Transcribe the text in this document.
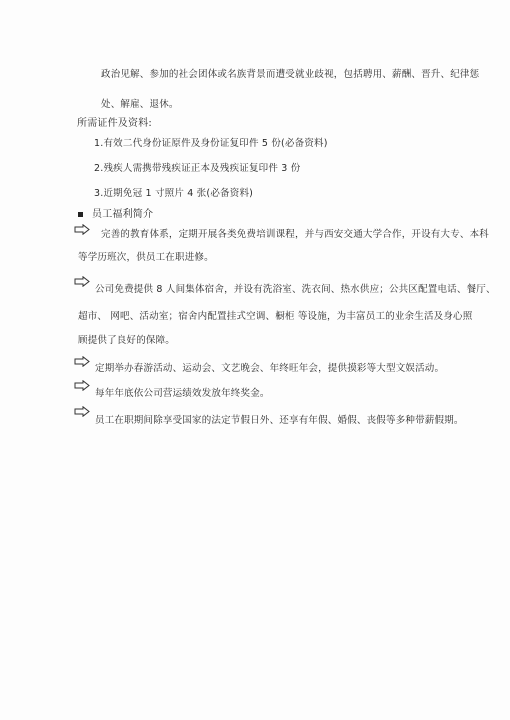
政治见解、参加的社会团体或名族背景而遭受就业歧视，包括聘用、薪酬、晋升、纪律惩
处、解雇、退休。
所需证件及资料:
1.有效二代身份证原件及身份证复印件 5 份(必备资料)
2.残疾人需携带残疾证正本及残疾证复印件 3 份
3.近期免冠 1 寸照片 4 张(必备资料)
员工福利简介
完善的教育体系，定期开展各类免费培训课程，并与西安交通大学合作，开设有大专、本科
等学历班次，供员工在职进修。
公司免费提供 8 人间集体宿舍，并设有洗浴室、洗衣间、热水供应；公共区配置电话、餐厅、
超市、 网吧、活动室；宿舍内配置挂式空调、橱柜 等设施，为丰富员工的业余生活及身心照
顾提供了良好的保障。
定期举办春游活动、运动会、文艺晚会、年终旺年会，提供摸彩等大型文娱活动。
每年年底依公司营运绩效发放年终奖金。
员工在职期间除享受国家的法定节假日外、还享有年假、婚假、丧假等多种带薪假期。
